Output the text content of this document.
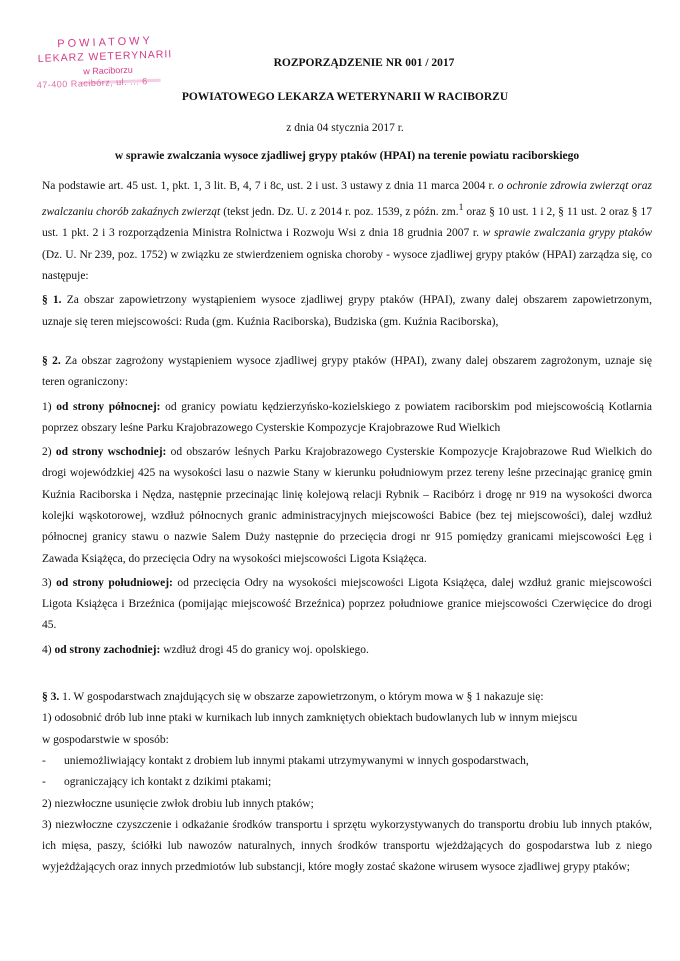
POWIATOWY
LEKARZ WETERYNARII
w Raciborzu
47-400 Racibórz, ul. ... 6
ROZPORZĄDZENIE NR 001 / 2017
POWIATOWEGO LEKARZA WETERYNARII W RACIBORZU
z dnia 04 stycznia 2017 r.
w sprawie zwalczania wysoce zjadliwej grypy ptaków (HPAI) na terenie powiatu raciborskiego

Na podstawie art. 45 ust. 1, pkt. 1, 3 lit. B, 4, 7 i 8c, ust. 2 i ust. 3 ustawy z dnia 11 marca 2004 r. o ochronie zdrowia zwierząt oraz zwalczaniu chorób zakaźnych zwierząt (tekst jedn. Dz. U. z 2014 r. poz. 1539, z późn. zm.$^1$ oraz § 10 ust. 1 i 2, § 11 ust. 2 oraz § 17 ust. 1 pkt. 2 i 3 rozporządzenia Ministra Rolnictwa i Rozwoju Wsi z dnia 18 grudnia 2007 r. w sprawie zwalczania grypy ptaków (Dz. U. Nr 239, poz. 1752) w związku ze stwierdzeniem ogniska choroby - wysoce zjadliwej grypy ptaków (HPAI) zarządza się, co następuje:

§ 1. Za obszar zapowietrzony wystąpieniem wysoce zjadliwej grypy ptaków (HPAI), zwany dalej obszarem zapowietrzonym, uznaje się teren miejscowości: Ruda (gm. Kuźnia Raciborska), Budziska (gm. Kuźnia Raciborska),

§ 2. Za obszar zagrożony wystąpieniem wysoce zjadliwej grypy ptaków (HPAI), zwany dalej obszarem zagrożonym, uznaje się teren ograniczony:

1) od strony północnej: od granicy powiatu kędzierzyńsko-kozielskiego z powiatem raciborskim pod miejscowością Kotlarnia poprzez obszary leśne Parku Krajobrazowego Cysterskie Kompozycje Krajobrazowe Rud Wielkich

2) od strony wschodniej: od obszarów leśnych Parku Krajobrazowego Cysterskie Kompozycje Krajobrazowe Rud Wielkich do drogi wojewódzkiej 425 na wysokości lasu o nazwie Stany w kierunku południowym przez tereny leśne przecinając granicę gmin Kuźnia Raciborska i Nędza, następnie przecinając linię kolejową relacji Rybnik – Racibórz i drogę nr 919 na wysokości dworca kolejki wąskotorowej, wzdłuż północnych granic administracyjnych miejscowości Babice (bez tej miejscowości), dalej wzdłuż północnej granicy stawu o nazwie Salem Duży następnie do przecięcia drogi nr 915 pomiędzy granicami miejscowości Łęg i Zawada Książęca, do przecięcia Odry na wysokości miejscowości Ligota Książęca.

3) od strony południowej: od przecięcia Odry na wysokości miejscowości Ligota Książęca, dalej wzdłuż granic miejscowości Ligota Książęca i Brzeźnica (pomijając miejscowość Brzeźnica) poprzez południowe granice miejscowości Czerwięcice do drogi 45.

4) od strony zachodniej: wzdłuż drogi 45 do granicy woj. opolskiego.

§ 3. 1. W gospodarstwach znajdujących się w obszarze zapowietrzonym, o którym mowa w § 1 nakazuje się:

1) odosobnić drób lub inne ptaki w kurnikach lub innych zamkniętych obiektach budowlanych lub w innym miejscu

w gospodarstwie w sposób:

-	uniemożliwiający kontakt z drobiem lub innymi ptakami utrzymywanymi w innych gospodarstwach,

-	ograniczający ich kontakt z dzikimi ptakami;

2) niezwłoczne usunięcie zwłok drobiu lub innych ptaków;

3) niezwłoczne czyszczenie i odkażanie środków transportu i sprzętu wykorzystywanych do transportu drobiu lub innych ptaków, ich mięsa, paszy, ściółki lub nawozów naturalnych, innych środków transportu wjeżdżających do gospodarstwa lub z niego wyjeżdżających oraz innych przedmiotów lub substancji, które mogły zostać skażone wirusem wysoce zjadliwej grypy ptaków;
